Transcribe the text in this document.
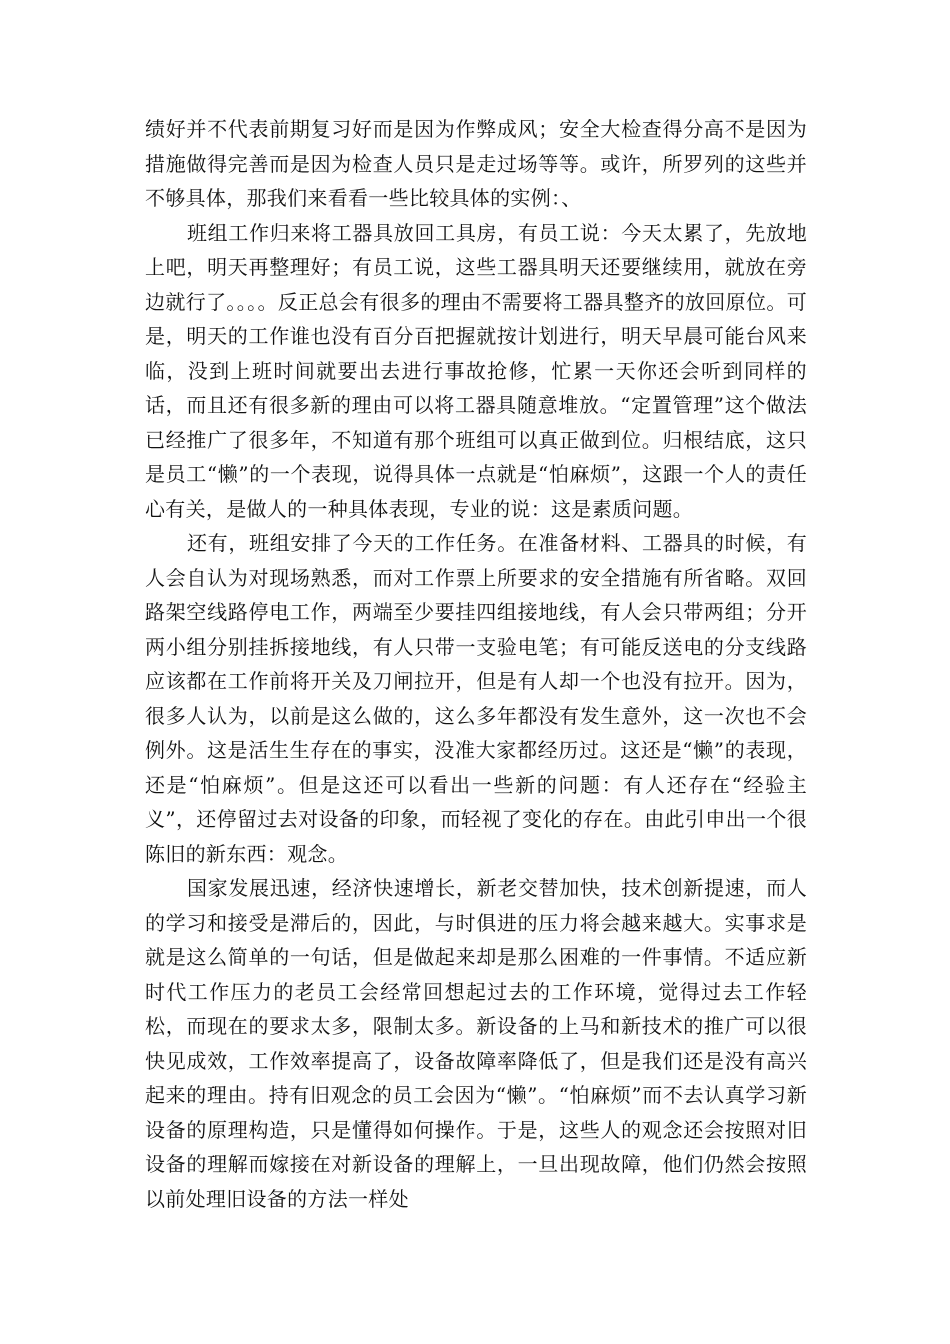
绩好并不代表前期复习好而是因为作弊成风；安全大检查得分高不是因为措施做得完善而是因为检查人员只是走过场等等。或许，所罗列的这些并不够具体，那我们来看看一些比较具体的实例：、

班组工作归来将工器具放回工具房，有员工说：今天太累了，先放地上吧，明天再整理好；有员工说，这些工器具明天还要继续用，就放在旁边就行了。。。。反正总会有很多的理由不需要将工器具整齐的放回原位。可是，明天的工作谁也没有百分百把握就按计划进行，明天早晨可能台风来临，没到上班时间就要出去进行事故抢修，忙累一天你还会听到同样的话，而且还有很多新的理由可以将工器具随意堆放。“定置管理”这个做法已经推广了很多年，不知道有那个班组可以真正做到位。归根结底，这只是员工“懒”的一个表现，说得具体一点就是“怕麻烦”，这跟一个人的责任心有关，是做人的一种具体表现，专业的说：这是素质问题。

还有，班组安排了今天的工作任务。在准备材料、工器具的时候，有人会自认为对现场熟悉，而对工作票上所要求的安全措施有所省略。双回路架空线路停电工作，两端至少要挂四组接地线，有人会只带两组；分开两小组分别挂拆接地线，有人只带一支验电笔；有可能反送电的分支线路应该都在工作前将开关及刀闸拉开，但是有人却一个也没有拉开。因为，很多人认为，以前是这么做的，这么多年都没有发生意外，这一次也不会例外。这是活生生存在的事实，没准大家都经历过。这还是“懒”的表现，还是“怕麻烦”。但是这还可以看出一些新的问题：有人还存在“经验主义”，还停留过去对设备的印象，而轻视了变化的存在。由此引申出一个很陈旧的新东西：观念。

国家发展迅速，经济快速增长，新老交替加快，技术创新提速，而人的学习和接受是滞后的，因此，与时俱进的压力将会越来越大。实事求是就是这么简单的一句话，但是做起来却是那么困难的一件事情。不适应新时代工作压力的老员工会经常回想起过去的工作环境，觉得过去工作轻松，而现在的要求太多，限制太多。新设备的上马和新技术的推广可以很快见成效，工作效率提高了，设备故障率降低了，但是我们还是没有高兴起来的理由。持有旧观念的员工会因为“懒”。“怕麻烦”而不去认真学习新设备的原理构造，只是懂得如何操作。于是，这些人的观念还会按照对旧设备的理解而嫁接在对新设备的理解上，一旦出现故障，他们仍然会按照以前处理旧设备的方法一样处
